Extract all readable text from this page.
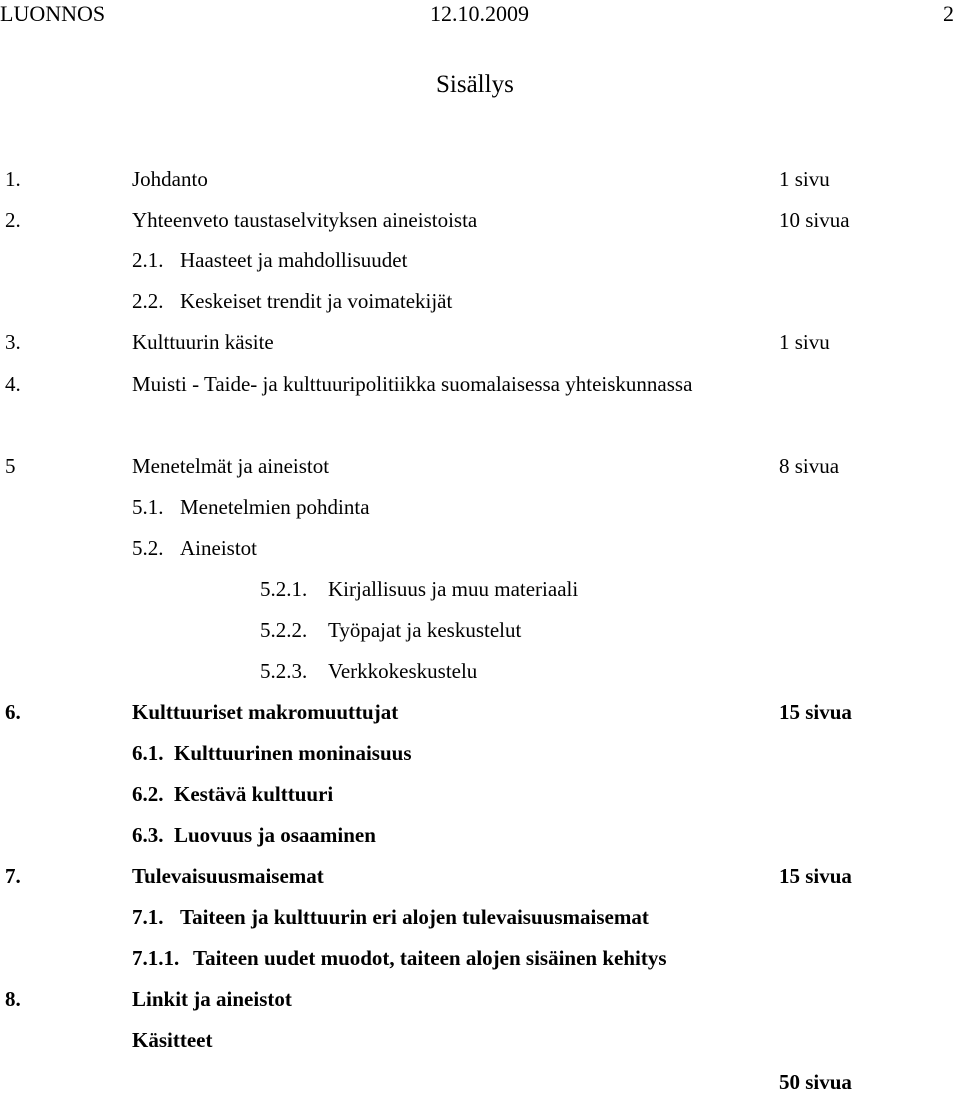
LUONNOS	12.10.2009	2
Sisällys
1.	Johdanto	1 sivu
2.	Yhteenveto taustaselvityksen aineistoista	10 sivua
2.1. Haasteet ja mahdollisuudet
2.2. Keskeiset trendit ja voimatekijät
3.	Kulttuurin käsite	1 sivu
4.	Muisti - Taide- ja kulttuuripolitiikka suomalaisessa yhteiskunnassa
5	Menetelmät ja aineistot	8 sivua
5.1. Menetelmien pohdinta
5.2. Aineistot
5.2.1. Kirjallisuus ja muu materiaali
5.2.2. Työpajat ja keskustelut
5.2.3. Verkkokeskustelu
6.	Kulttuuriset makromuuttujat	15 sivua
6.1. Kulttuurinen moninaisuus
6.2. Kestävä kulttuuri
6.3. Luovuus ja osaaminen
7.	Tulevaisuusmaisemat	15 sivua
7.1. Taiteen ja kulttuurin eri alojen tulevaisuusmaisemat
7.1.1. Taiteen uudet muodot, taiteen alojen sisäinen kehitys
8.	Linkit ja aineistot
Käsitteet
50 sivua
